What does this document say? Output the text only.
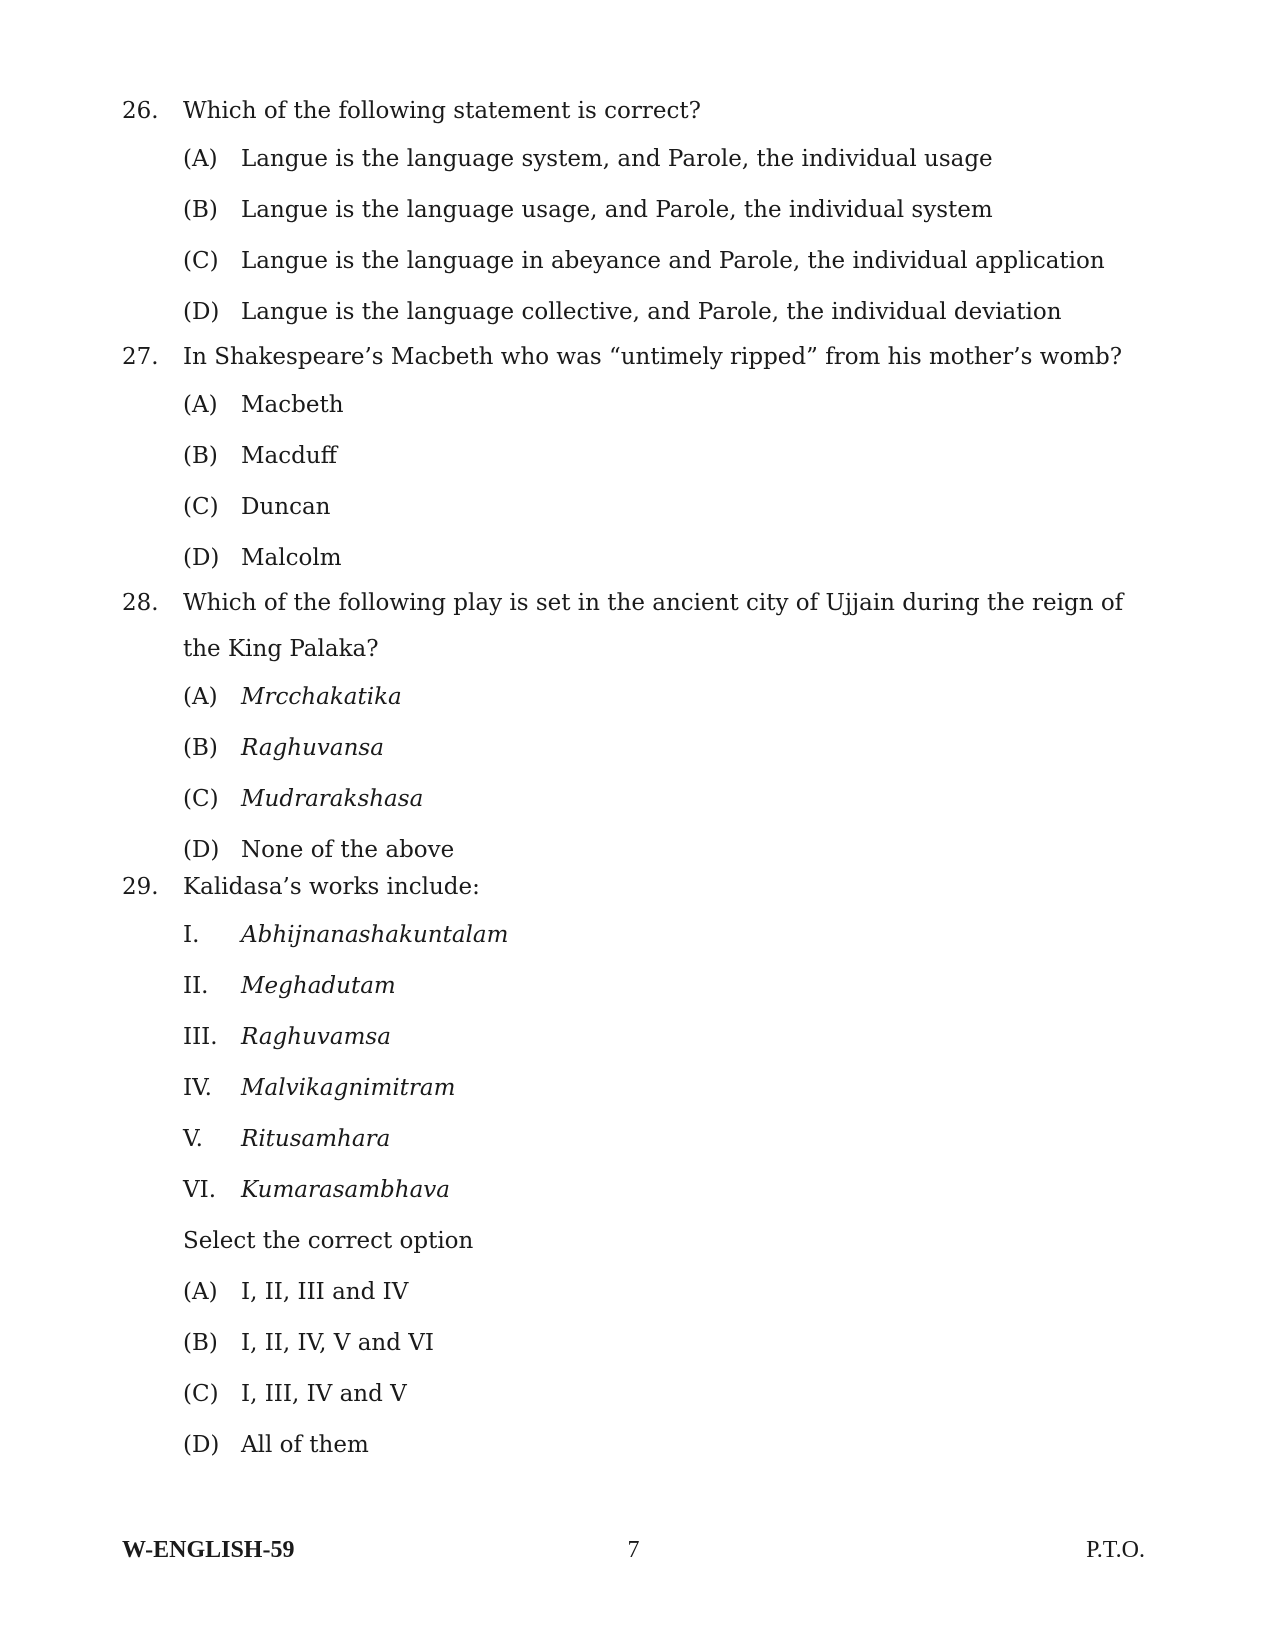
26.	Which of the following statement is correct?
(A)	Langue is the language system, and Parole, the individual usage
(B)	Langue is the language usage, and Parole, the individual system
(C) Langue is the language in abeyance and Parole, the individual application
(D) Langue is the language collective, and Parole, the individual deviation
27.	In Shakespeare’s Macbeth who was “untimely ripped” from his mother’s womb?
(A)	Macbeth
(B)	Macduff
(C) Duncan
(D) Malcolm
28.	Which of the following play is set in the ancient city of Ujjain during the reign of the King Palaka?
(A)	Mrcchakatika
(B)	Raghuvansa
(C) Mudrarakshasa
(D) None of the above
29.	Kalidasa’s works include:
I.	Abhijnanashakuntalam
II.	Meghadutam
III.	Raghuvamsa
IV.	Malvikagnimitram
V.	Ritusamhara
VI.	Kumarasambhava
Select the correct option
(A)	I, II, III and IV
(B)	I, II, IV, V and VI
(C) I, III, IV and V
(D) All of them
W-ENGLISH-59	7	P.T.O.
